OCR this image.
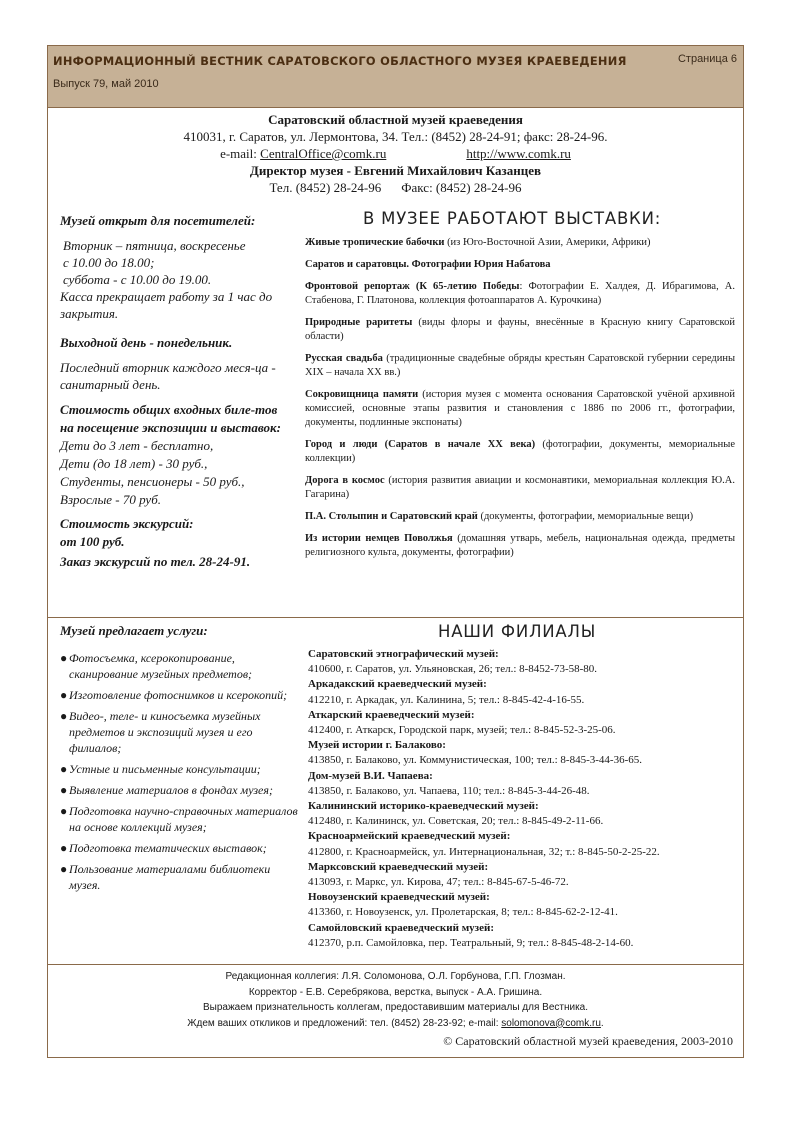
ИНФОРМАЦИОННЫЙ ВЕСТНИК САРАТОВСКОГО ОБЛАСТНОГО МУЗЕЯ КРАЕВЕДЕНИЯ
Выпуск 79, май 2010
Страница 6
Саратовский областной музей краеведения
410031, г. Саратов, ул. Лермонтова, 34. Тел.: (8452) 28-24-91; факс: 28-24-96.
e-mail: CentralOffice@comk.ru	http://www.comk.ru
Директор музея - Евгений Михайлович Казанцев
Тел. (8452) 28-24-96 Факс: (8452) 28-24-96

Музей открыт для посетителей:

Вторник – пятница, воскресенье

с 10.00 до 18.00;

суббота - с 10.00 до 19.00.

Касса прекращает работу за 1 час до закрытия.

Выходной день - понедельник.

Последний вторник каждого меся-ца - санитарный день.

Стоимость общих входных биле-тов на посещение экспозиции и выставок:

Дети до 3 лет - бесплатно,

Дети (до 18 лет) - 30 руб.,

Студенты, пенсионеры - 50 руб.,

Взрослые - 70 руб.

Стоимость экскурсий:

от 100 руб.

Заказ экскурсий по тел. 28-24-91.

В МУЗЕЕ РАБОТАЮТ ВЫСТАВКИ:

Живые тропические бабочки (из Юго-Восточной Азии, Америки, Африки)

Саратов и саратовцы. Фотографии Юрия Набатова

Фронтовой репортаж (К 65-летию Победы: Фотографии Е. Халдея, Д. Ибрагимова, А. Стабенова, Г. Платонова, коллекция фотоаппаратов А. Курочкина)

Природные раритеты (виды флоры и фауны, внесённые в Красную книгу Саратовской области)

Русская свадьба (традиционные свадебные обряды крестьян Саратовской губернии середины XIX – начала XX вв.)

Сокровищница памяти (история музея с момента основания Саратовской учёной архивной комиссией, основные этапы развития и становления с 1886 по 2006 гг., фотографии, документы, подлинные экспонаты)

Город и люди (Саратов в начале XX века) (фотографии, документы, мемориальные коллекции)

Дорога в космос (история развития авиации и космонавтики, мемориальная коллекция Ю.А. Гагарина)

П.А. Столыпин и Саратовский край (документы, фотографии, мемориальные вещи)

Из истории немцев Поволжья (домашняя утварь, мебель, национальная одежда, предметы религиозного культа, документы, фотографии)

Музей предлагает услуги:

● Фотосъемка, ксерокопирование, сканирование музейных предметов;
● Изготовление фотоснимков и ксерокопий;
● Видео-, теле- и киносъемка музейных предметов и экспозиций музея и его филиалов;
● Устные и письменные консультации;
● Выявление материалов в фондах музея;
● Подготовка научно-справочных материалов на основе коллекций музея;
● Подготовка тематических выставок;
● Пользование материалами библиотеки музея.
НАШИ ФИЛИАЛЫ
Саратовский этнографический музей:
410600, г. Саратов, ул. Ульяновская, 26; тел.: 8-8452-73-58-80.
Аркадакский краеведческий музей:
412210, г. Аркадак, ул. Калинина, 5; тел.: 8-845-42-4-16-55.
Аткарский краеведческий музей:
412400, г. Аткарск, Городской парк, музей; тел.: 8-845-52-3-25-06.
Музей истории г. Балаково:
413850, г. Балаково, ул. Коммунистическая, 100; тел.: 8-845-3-44-36-65.
Дом-музей В.И. Чапаева:
413850, г. Балаково, ул. Чапаева, 110; тел.: 8-845-3-44-26-48.
Калининский историко-краеведческий музей:
412480, г. Калининск, ул. Советская, 20; тел.: 8-845-49-2-11-66.
Красноармейский краеведческий музей:
412800, г. Красноармейск, ул. Интернациональная, 32; т.: 8-845-50-2-25-22.
Марксовский краеведческий музей:
413093, г. Маркс, ул. Кирова, 47; тел.: 8-845-67-5-46-72.
Новоузенский краеведческий музей:
413360, г. Новоузенск, ул. Пролетарская, 8; тел.: 8-845-62-2-12-41.
Самойловский краеведческий музей:
412370, р.п. Самойловка, пер. Театральный, 9; тел.: 8-845-48-2-14-60.
Редакционная коллегия: Л.Я. Соломонова, О.Л. Горбунова, Г.П. Глозман.
Корректор - Е.В. Серебрякова, верстка, выпуск - А.А. Гришина.
Выражаем признательность коллегам, предоставившим материалы для Вестника.
Ждем ваших откликов и предложений: тел. (8452) 28-23-92; e-mail: solomonova@comk.ru.
© Саратовский областной музей краеведения, 2003-2010
